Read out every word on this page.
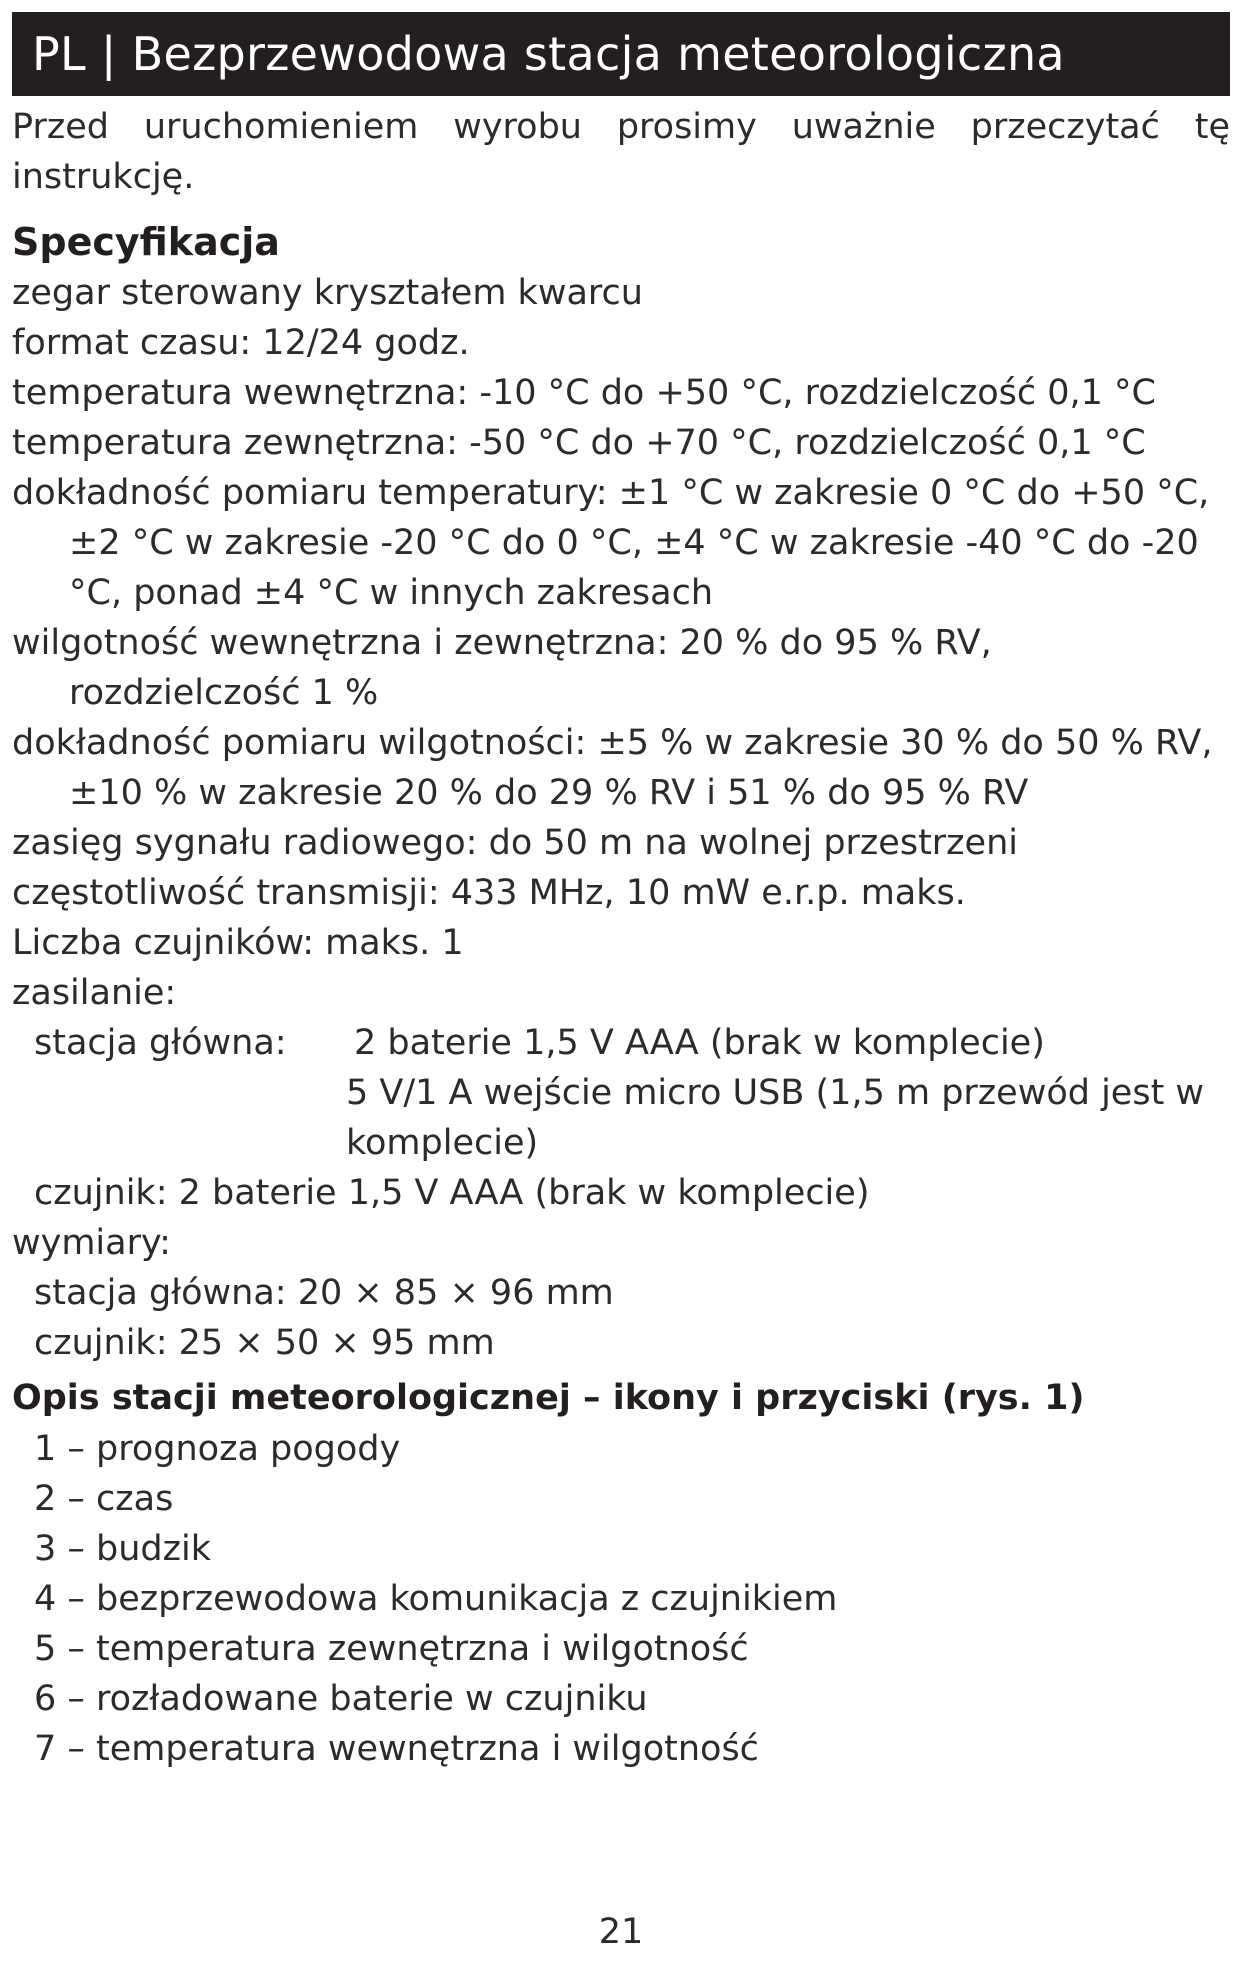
PL | Bezprzewodowa stacja meteorologiczna
Przed uruchomieniem wyrobu prosimy uważnie przeczytać tę instrukcję.
Specyfikacja
zegar sterowany kryształem kwarcu
format czasu: 12/24 godz.
temperatura wewnętrzna: -10 °C do +50 °C, rozdzielczość 0,1 °C
temperatura zewnętrzna: -50 °C do +70 °C, rozdzielczość 0,1 °C
dokładność pomiaru temperatury: ±1 °C w zakresie 0 °C do +50 °C, ±2 °C w zakresie -20 °C do 0 °C, ±4 °C w zakresie -40 °C do -20 °C, ponad ±4 °C w innych zakresach
wilgotność wewnętrzna i zewnętrzna: 20 % do 95 % RV, rozdzielczość 1 %
dokładność pomiaru wilgotności: ±5 % w zakresie 30 % do 50 % RV, ±10 % w zakresie 20 % do 29 % RV i 51 % do 95 % RV
zasięg sygnału radiowego: do 50 m na wolnej przestrzeni
częstotliwość transmisji: 433 MHz, 10 mW e.r.p. maks.
Liczba czujników: maks. 1
zasilanie:
stacja główna:	2 baterie 1,5 V AAA (brak w komplecie)
5 V/1 A wejście micro USB (1,5 m przewód jest w komplecie)
czujnik: 2 baterie 1,5 V AAA (brak w komplecie)
wymiary:
stacja główna: 20 × 85 × 96 mm
czujnik: 25 × 50 × 95 mm
Opis stacji meteorologicznej – ikony i przyciski (rys. 1)
1 – prognoza pogody
2 – czas
3 – budzik
4 – bezprzewodowa komunikacja z czujnikiem
5 – temperatura zewnętrzna i wilgotność
6 – rozładowane baterie w czujniku
7 – temperatura wewnętrzna i wilgotność
21
